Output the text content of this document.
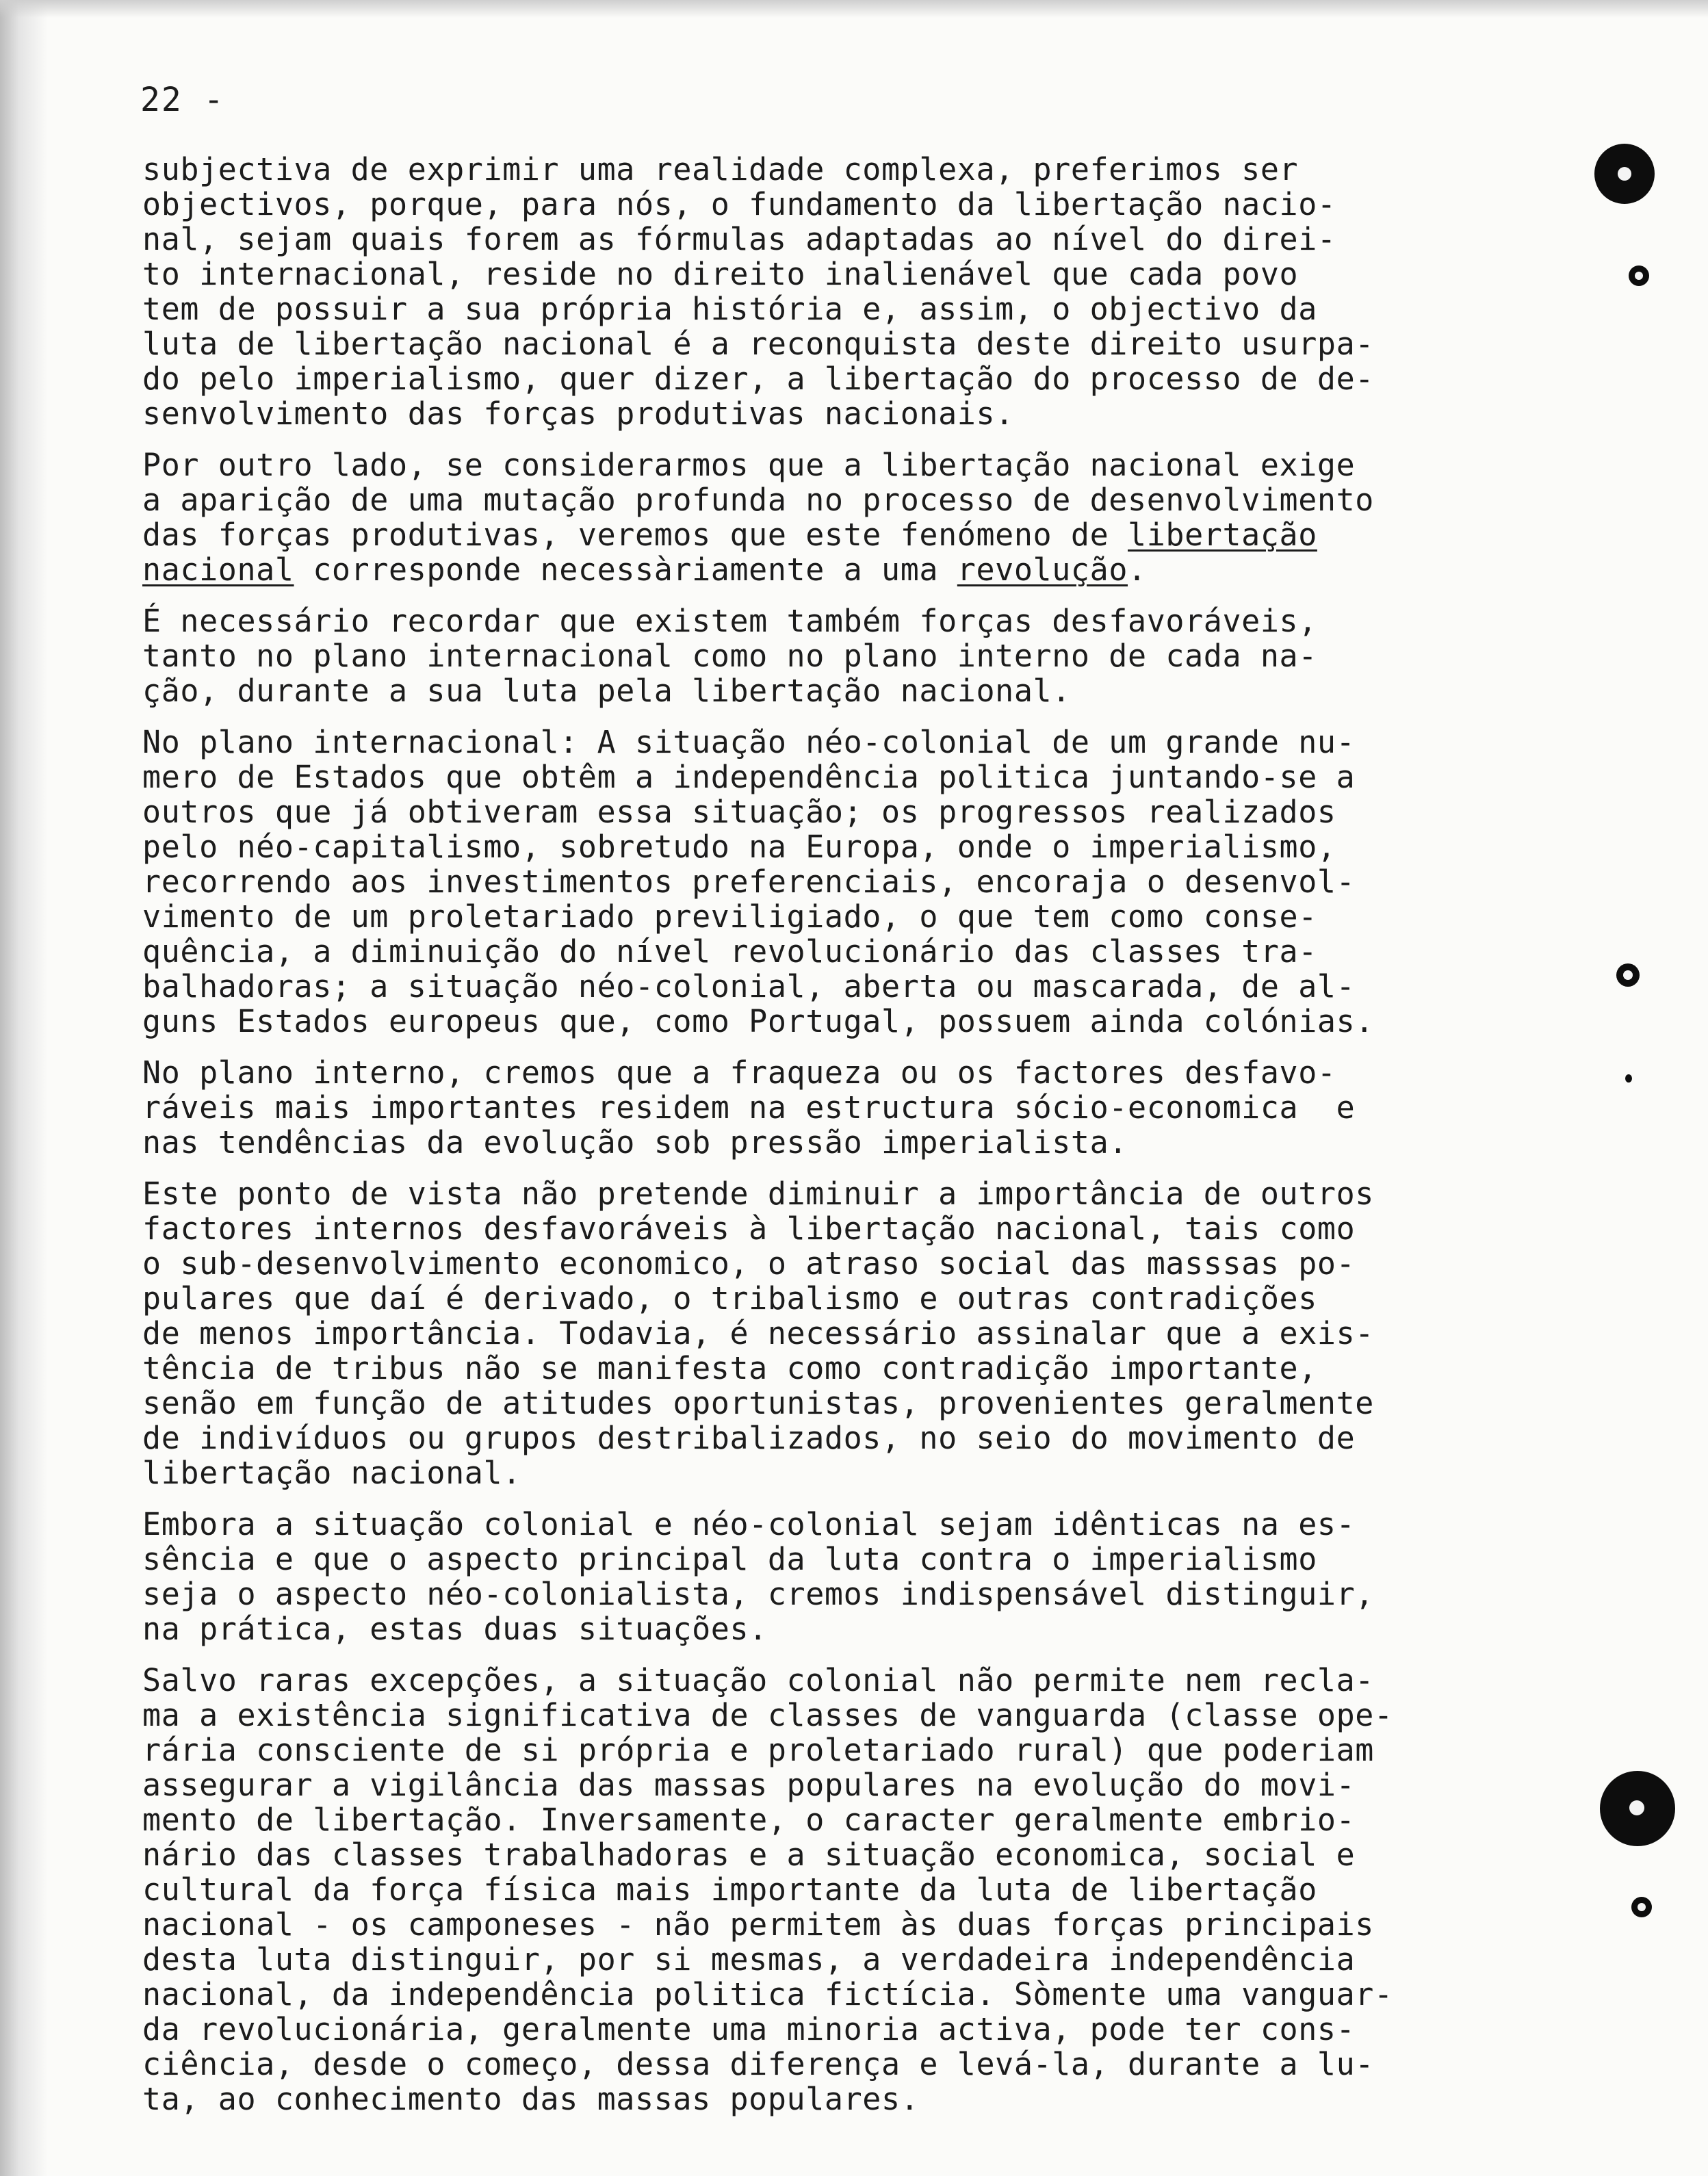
22 -
subjectiva de exprimir uma realidade complexa, preferimos ser
objectivos, porque, para nós, o fundamento da libertação nacio-
nal, sejam quais forem as fórmulas adaptadas ao nível do direi-
to internacional, reside no direito inalienável que cada povo
tem de possuir a sua própria história e, assim, o objectivo da
luta de libertação nacional é a reconquista deste direito usurpa-
do pelo imperialismo, quer dizer, a libertação do processo de de-
senvolvimento das forças produtivas nacionais.
Por outro lado, se considerarmos que a libertação nacional exige
a aparição de uma mutação profunda no processo de desenvolvimento
das forças produtivas, veremos que este fenómeno de libertação
nacional corresponde necessàriamente a uma revolução.
É necessário recordar que existem também forças desfavoráveis,
tanto no plano internacional como no plano interno de cada na-
ção, durante a sua luta pela libertação nacional.
No plano internacional: A situação néo-colonial de um grande nu-
mero de Estados que obtêm a independência politica juntando-se a
outros que já obtiveram essa situação; os progressos realizados
pelo néo-capitalismo, sobretudo na Europa, onde o imperialismo,
recorrendo aos investimentos preferenciais, encoraja o desenvol-
vimento de um proletariado previligiado, o que tem como conse-
quência, a diminuição do nível revolucionário das classes tra-
balhadoras; a situação néo-colonial, aberta ou mascarada, de al-
guns Estados europeus que, como Portugal, possuem ainda colónias.
No plano interno, cremos que a fraqueza ou os factores desfavo-
ráveis mais importantes residem na estructura sócio-economica  e
nas tendências da evolução sob pressão imperialista.
Este ponto de vista não pretende diminuir a importância de outros
factores internos desfavoráveis à libertação nacional, tais como
o sub-desenvolvimento economico, o atraso social das masssas po-
pulares que daí é derivado, o tribalismo e outras contradições
de menos importância. Todavia, é necessário assinalar que a exis-
tência de tribus não se manifesta como contradição importante,
senão em função de atitudes oportunistas, provenientes geralmente
de indivíduos ou grupos destribalizados, no seio do movimento de
libertação nacional.
Embora a situação colonial e néo-colonial sejam idênticas na es-
sência e que o aspecto principal da luta contra o imperialismo
seja o aspecto néo-colonialista, cremos indispensável distinguir,
na prática, estas duas situações.
Salvo raras excepções, a situação colonial não permite nem recla-
ma a existência significativa de classes de vanguarda (classe ope-
rária consciente de si própria e proletariado rural) que poderiam
assegurar a vigilância das massas populares na evolução do movi-
mento de libertação. Inversamente, o caracter geralmente embrio-
nário das classes trabalhadoras e a situação economica, social e
cultural da força física mais importante da luta de libertação
nacional - os camponeses - não permitem às duas forças principais
desta luta distinguir, por si mesmas, a verdadeira independência
nacional, da independência politica fictícia. Sòmente uma vanguar-
da revolucionária, geralmente uma minoria activa, pode ter cons-
ciência, desde o começo, dessa diferença e levá-la, durante a lu-
ta, ao conhecimento das massas populares.
